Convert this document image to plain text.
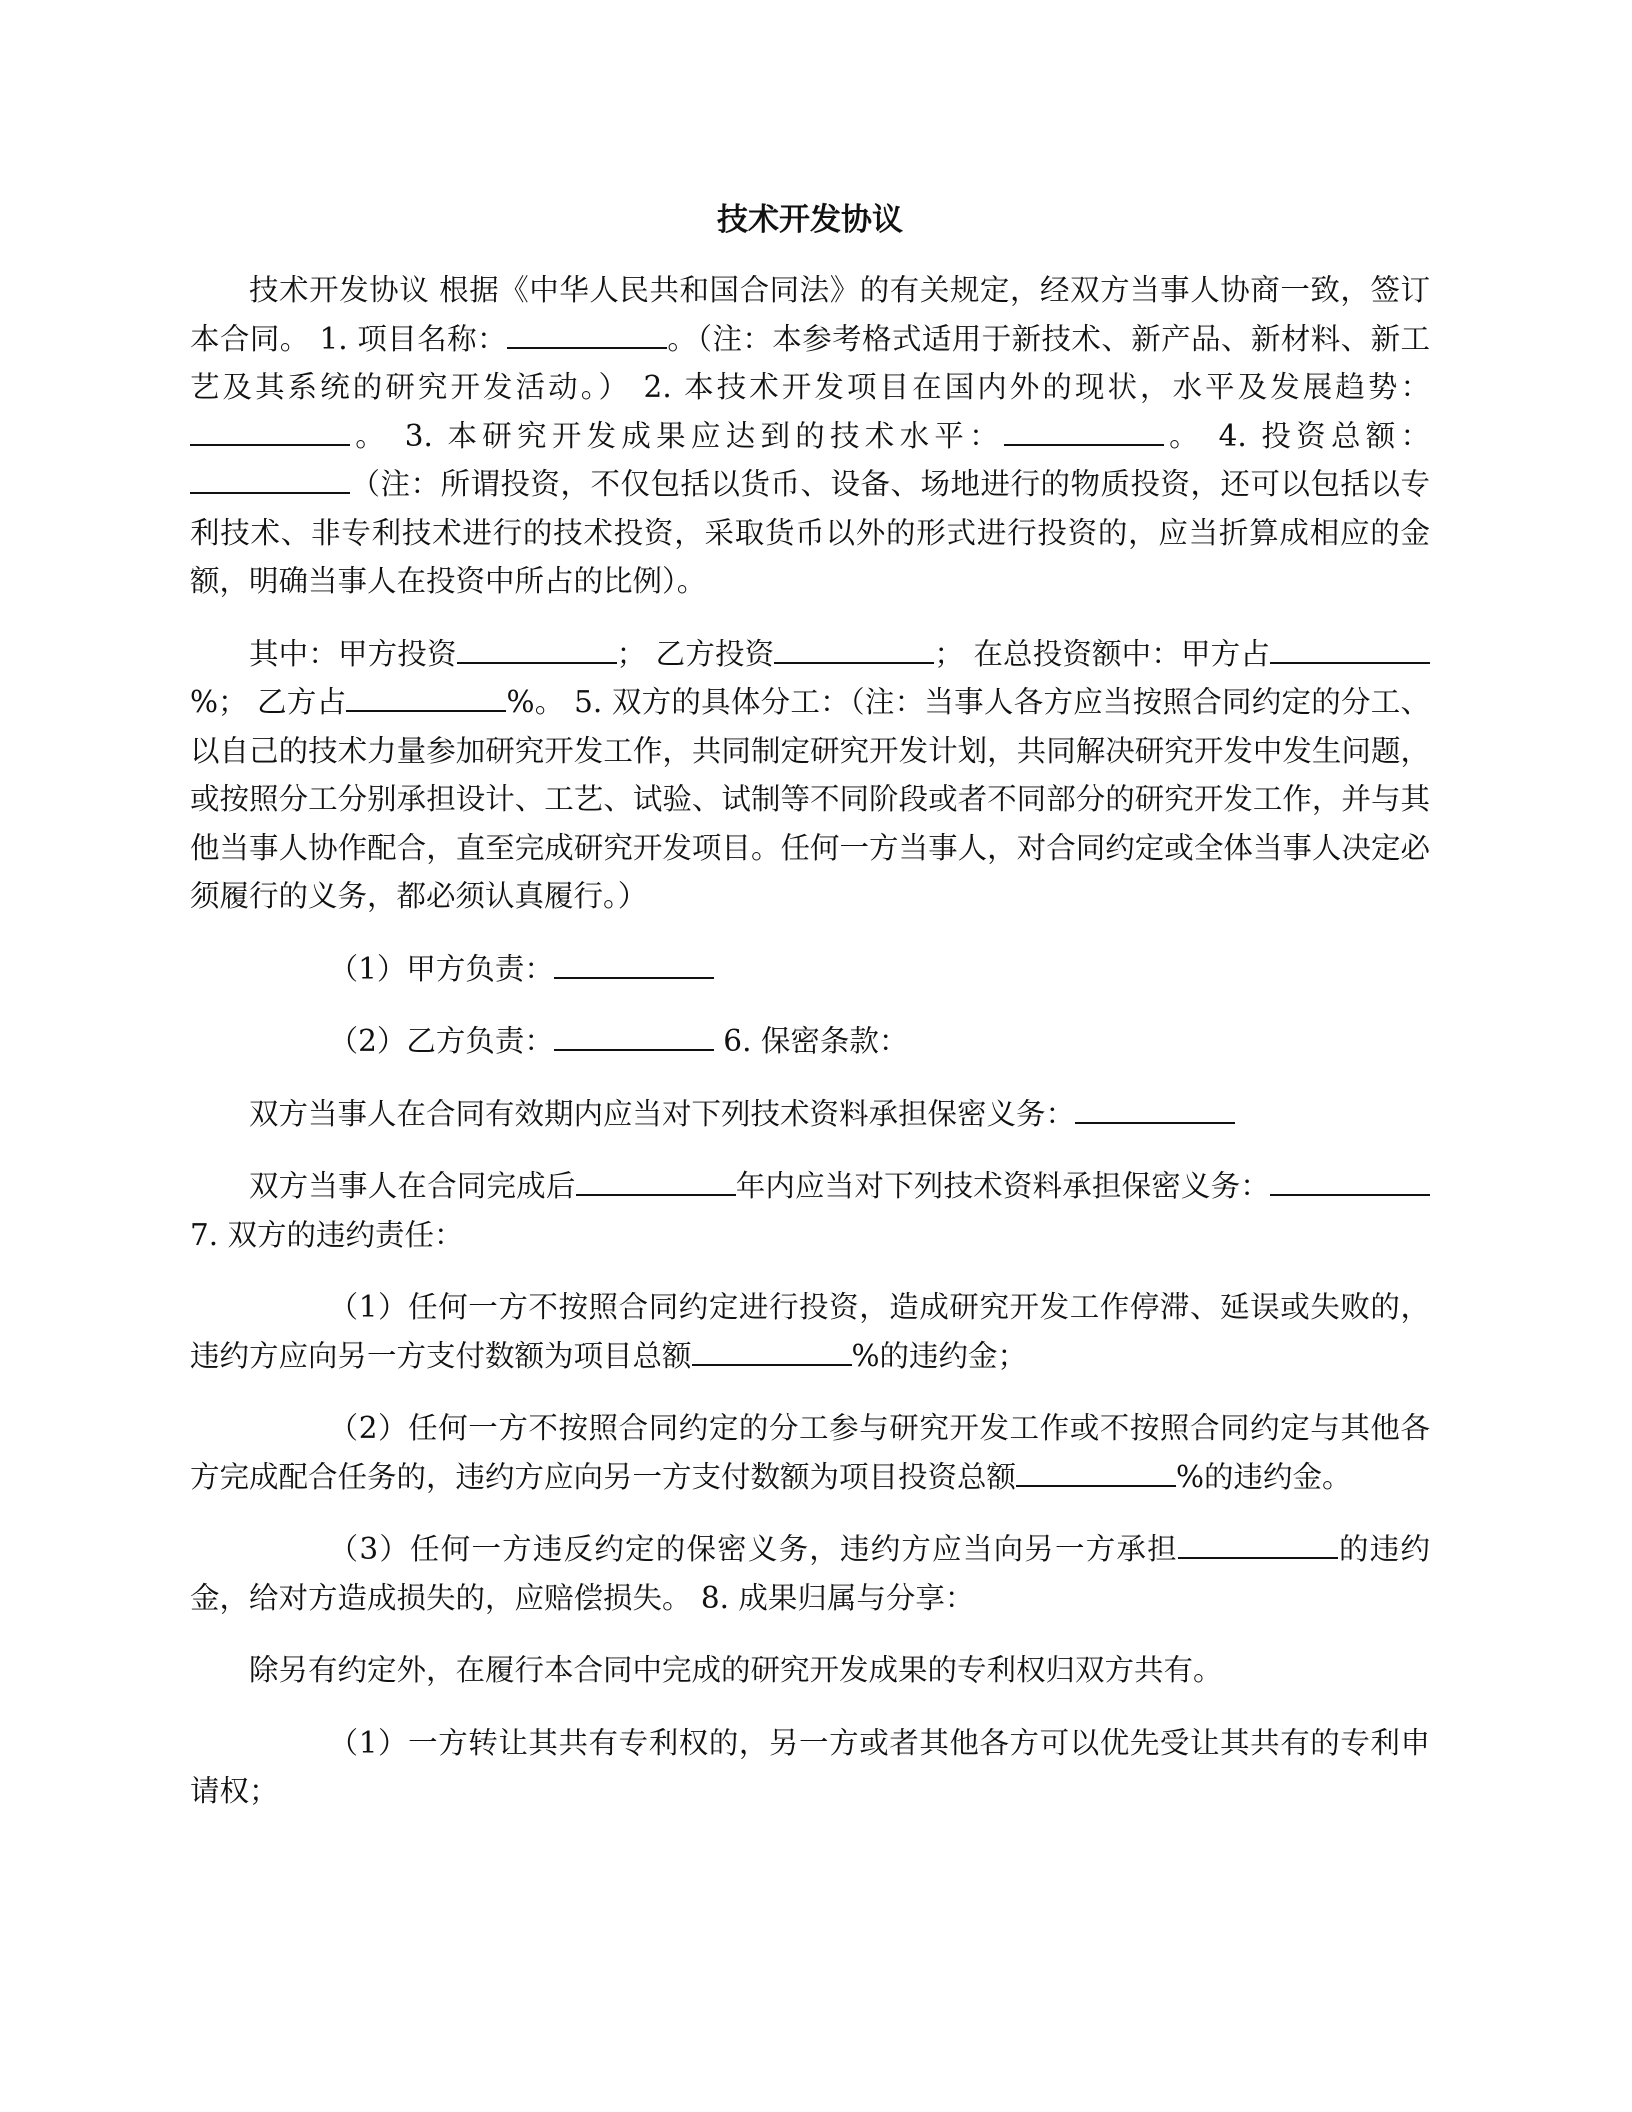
技术开发协议

技术开发协议 根据《中华人民共和国合同法》的有关规定，经双方当事人协商一致，签订本合同。 1. 项目名称：	。（注：本参考格式适用于新技术、新产品、新材料、新工艺及其系统的研究开发活动。） 2. 本技术开发项目在国内外的现状，水平及发展趋势：。 3. 本研究开发成果应达到的技术水平：	。 4. 投资总额：（注：所谓投资，不仅包括以货币、设备、场地进行的物质投资，还可以包括以专利技术、非专利技术进行的技术投资，采取货币以外的形式进行投资的，应当折算成相应的金额，明确当事人在投资中所占的比例）。

其中：甲方投资	； 乙方投资	； 在总投资额中：甲方占%； 乙方占	%。 5. 双方的具体分工：（注：当事人各方应当按照合同约定的分工、以自己的技术力量参加研究开发工作，共同制定研究开发计划，共同解决研究开发中发生问题，或按照分工分别承担设计、工艺、试验、试制等不同阶段或者不同部分的研究开发工作，并与其他当事人协作配合，直至完成研究开发项目。任何一方当事人，对合同约定或全体当事人决定必须履行的义务，都必须认真履行。）

（1）甲方负责：

（2）乙方负责：	6. 保密条款：

双方当事人在合同有效期内应当对下列技术资料承担保密义务：

双方当事人在合同完成后	年内应当对下列技术资料承担保密义务： 7. 双方的违约责任：

（1）任何一方不按照合同约定进行投资，造成研究开发工作停滞、延误或失败的，违约方应向另一方支付数额为项目总额	%的违约金；

（2）任何一方不按照合同约定的分工参与研究开发工作或不按照合同约定与其他各方完成配合任务的，违约方应向另一方支付数额为项目投资总额	%的违约金。

（3）任何一方违反约定的保密义务，违约方应当向另一方承担	的违约金，给对方造成损失的，应赔偿损失。 8. 成果归属与分享：

除另有约定外，在履行本合同中完成的研究开发成果的专利权归双方共有。

（1）一方转让其共有专利权的，另一方或者其他各方可以优先受让其共有的专利申请权；
